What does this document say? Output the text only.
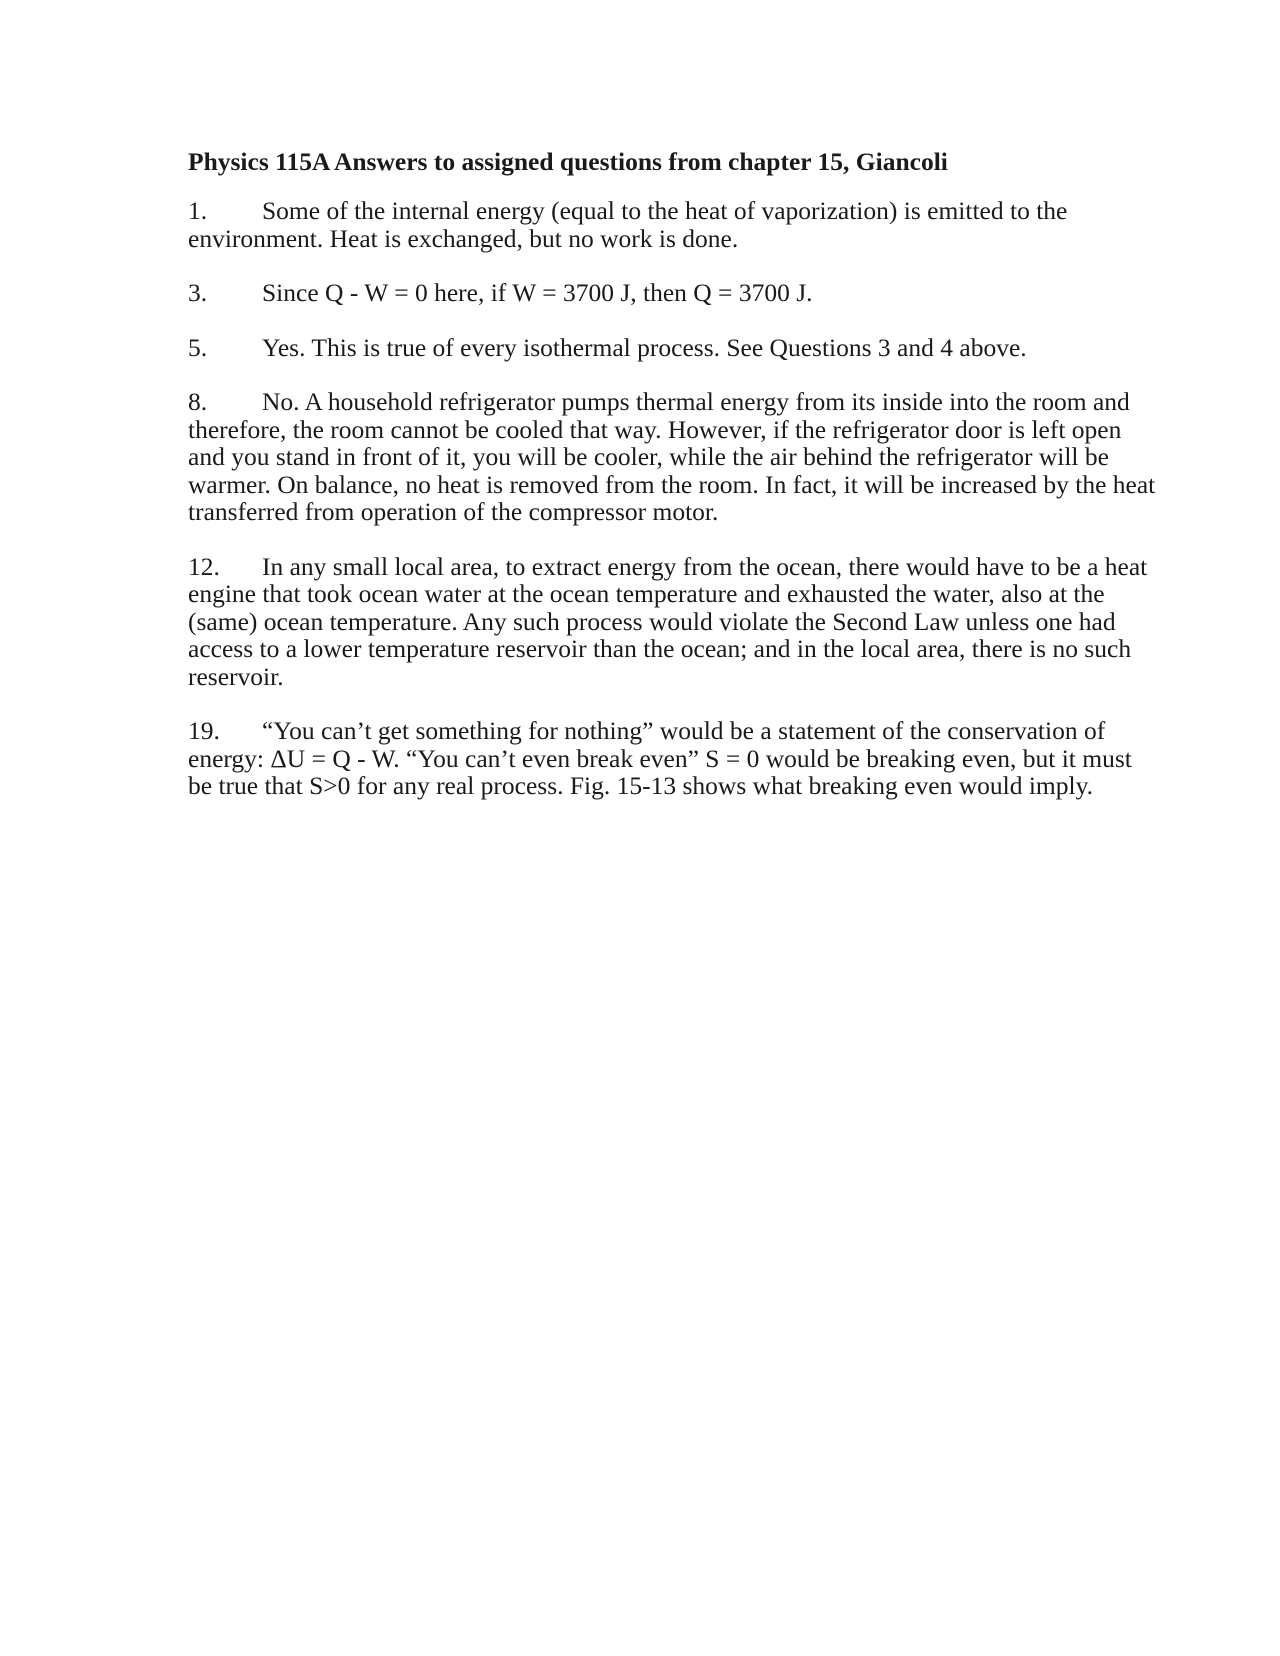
Physics 115A Answers to assigned questions from chapter 15, Giancoli

1. Some of the internal energy (equal to the heat of vaporization) is emitted to the environment. Heat is exchanged, but no work is done.

3. Since Q - W = 0 here, if W = 3700 J, then Q = 3700 J.

5. Yes. This is true of every isothermal process. See Questions 3 and 4 above.

8. No. A household refrigerator pumps thermal energy from its inside into the room and therefore, the room cannot be cooled that way. However, if the refrigerator door is left open and you stand in front of it, you will be cooler, while the air behind the refrigerator will be warmer. On balance, no heat is removed from the room. In fact, it will be increased by the heat transferred from operation of the compressor motor.

12. In any small local area, to extract energy from the ocean, there would have to be a heat engine that took ocean water at the ocean temperature and exhausted the water, also at the (same) ocean temperature. Any such process would violate the Second Law unless one had access to a lower temperature reservoir than the ocean; and in the local area, there is no such reservoir.

19. “You can’t get something for nothing” would be a statement of the conservation of energy: ΔU = Q - W. “You can’t even break even” S = 0 would be breaking even, but it must be true that S>0 for any real process. Fig. 15-13 shows what breaking even would imply.
